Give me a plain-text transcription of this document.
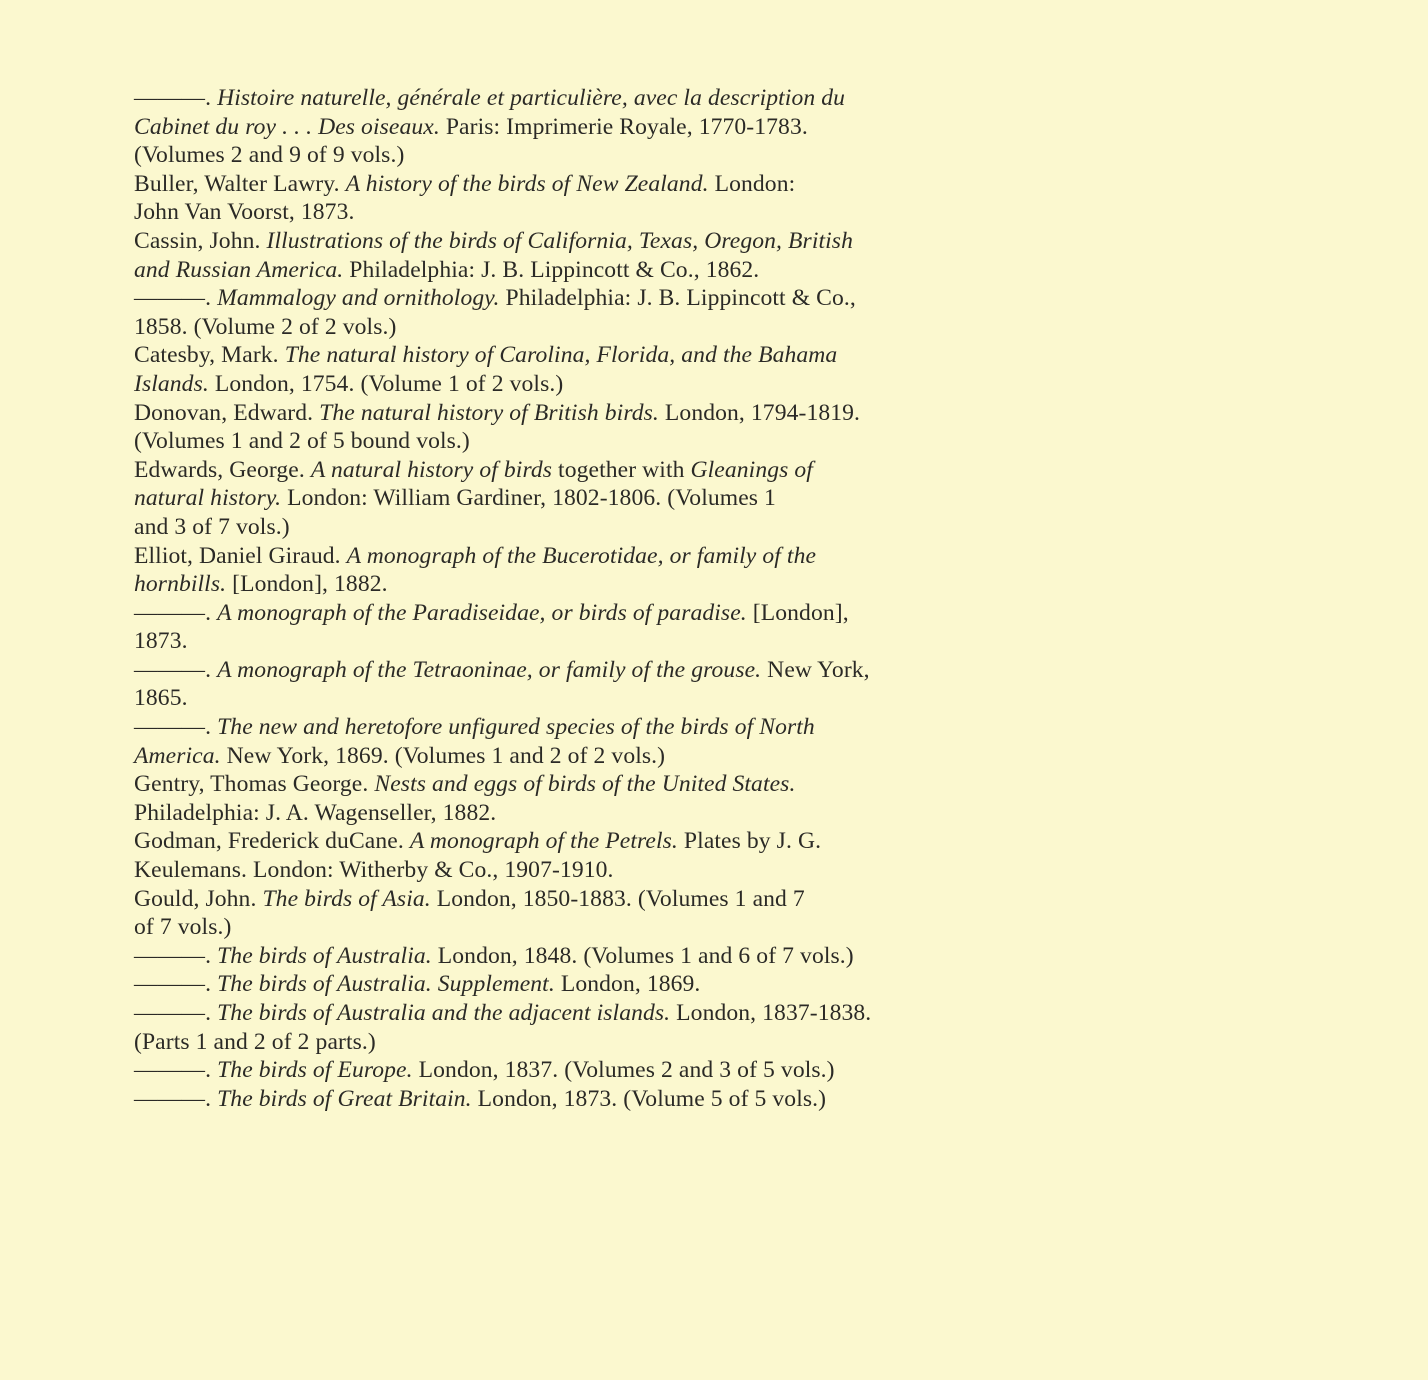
———. Histoire naturelle, générale et particulière, avec la description du
Cabinet du roy . . . Des oiseaux. Paris: Imprimerie Royale, 1770-1783.
(Volumes 2 and 9 of 9 vols.)
Buller, Walter Lawry. A history of the birds of New Zealand. London:
John Van Voorst, 1873.
Cassin, John. Illustrations of the birds of California, Texas, Oregon, British
and Russian America. Philadelphia: J. B. Lippincott & Co., 1862.
———. Mammalogy and ornithology. Philadelphia: J. B. Lippincott & Co.,
1858. (Volume 2 of 2 vols.)
Catesby, Mark. The natural history of Carolina, Florida, and the Bahama
Islands. London, 1754. (Volume 1 of 2 vols.)
Donovan, Edward. The natural history of British birds. London, 1794-1819.
(Volumes 1 and 2 of 5 bound vols.)
Edwards, George. A natural history of birds together with Gleanings of
natural history. London: William Gardiner, 1802-1806. (Volumes 1
and 3 of 7 vols.)
Elliot, Daniel Giraud. A monograph of the Bucerotidae, or family of the
hornbills. [London], 1882.
———. A monograph of the Paradiseidae, or birds of paradise. [London],
1873.
———. A monograph of the Tetraoninae, or family of the grouse. New York,
1865.
———. The new and heretofore unfigured species of the birds of North
America. New York, 1869. (Volumes 1 and 2 of 2 vols.)
Gentry, Thomas George. Nests and eggs of birds of the United States.
Philadelphia: J. A. Wagenseller, 1882.
Godman, Frederick duCane. A monograph of the Petrels. Plates by J. G.
Keulemans. London: Witherby & Co., 1907-1910.
Gould, John. The birds of Asia. London, 1850-1883. (Volumes 1 and 7
of 7 vols.)
———. The birds of Australia. London, 1848. (Volumes 1 and 6 of 7 vols.)
———. The birds of Australia. Supplement. London, 1869.
———. The birds of Australia and the adjacent islands. London, 1837-1838.
(Parts 1 and 2 of 2 parts.)
———. The birds of Europe. London, 1837. (Volumes 2 and 3 of 5 vols.)
———. The birds of Great Britain. London, 1873. (Volume 5 of 5 vols.)
